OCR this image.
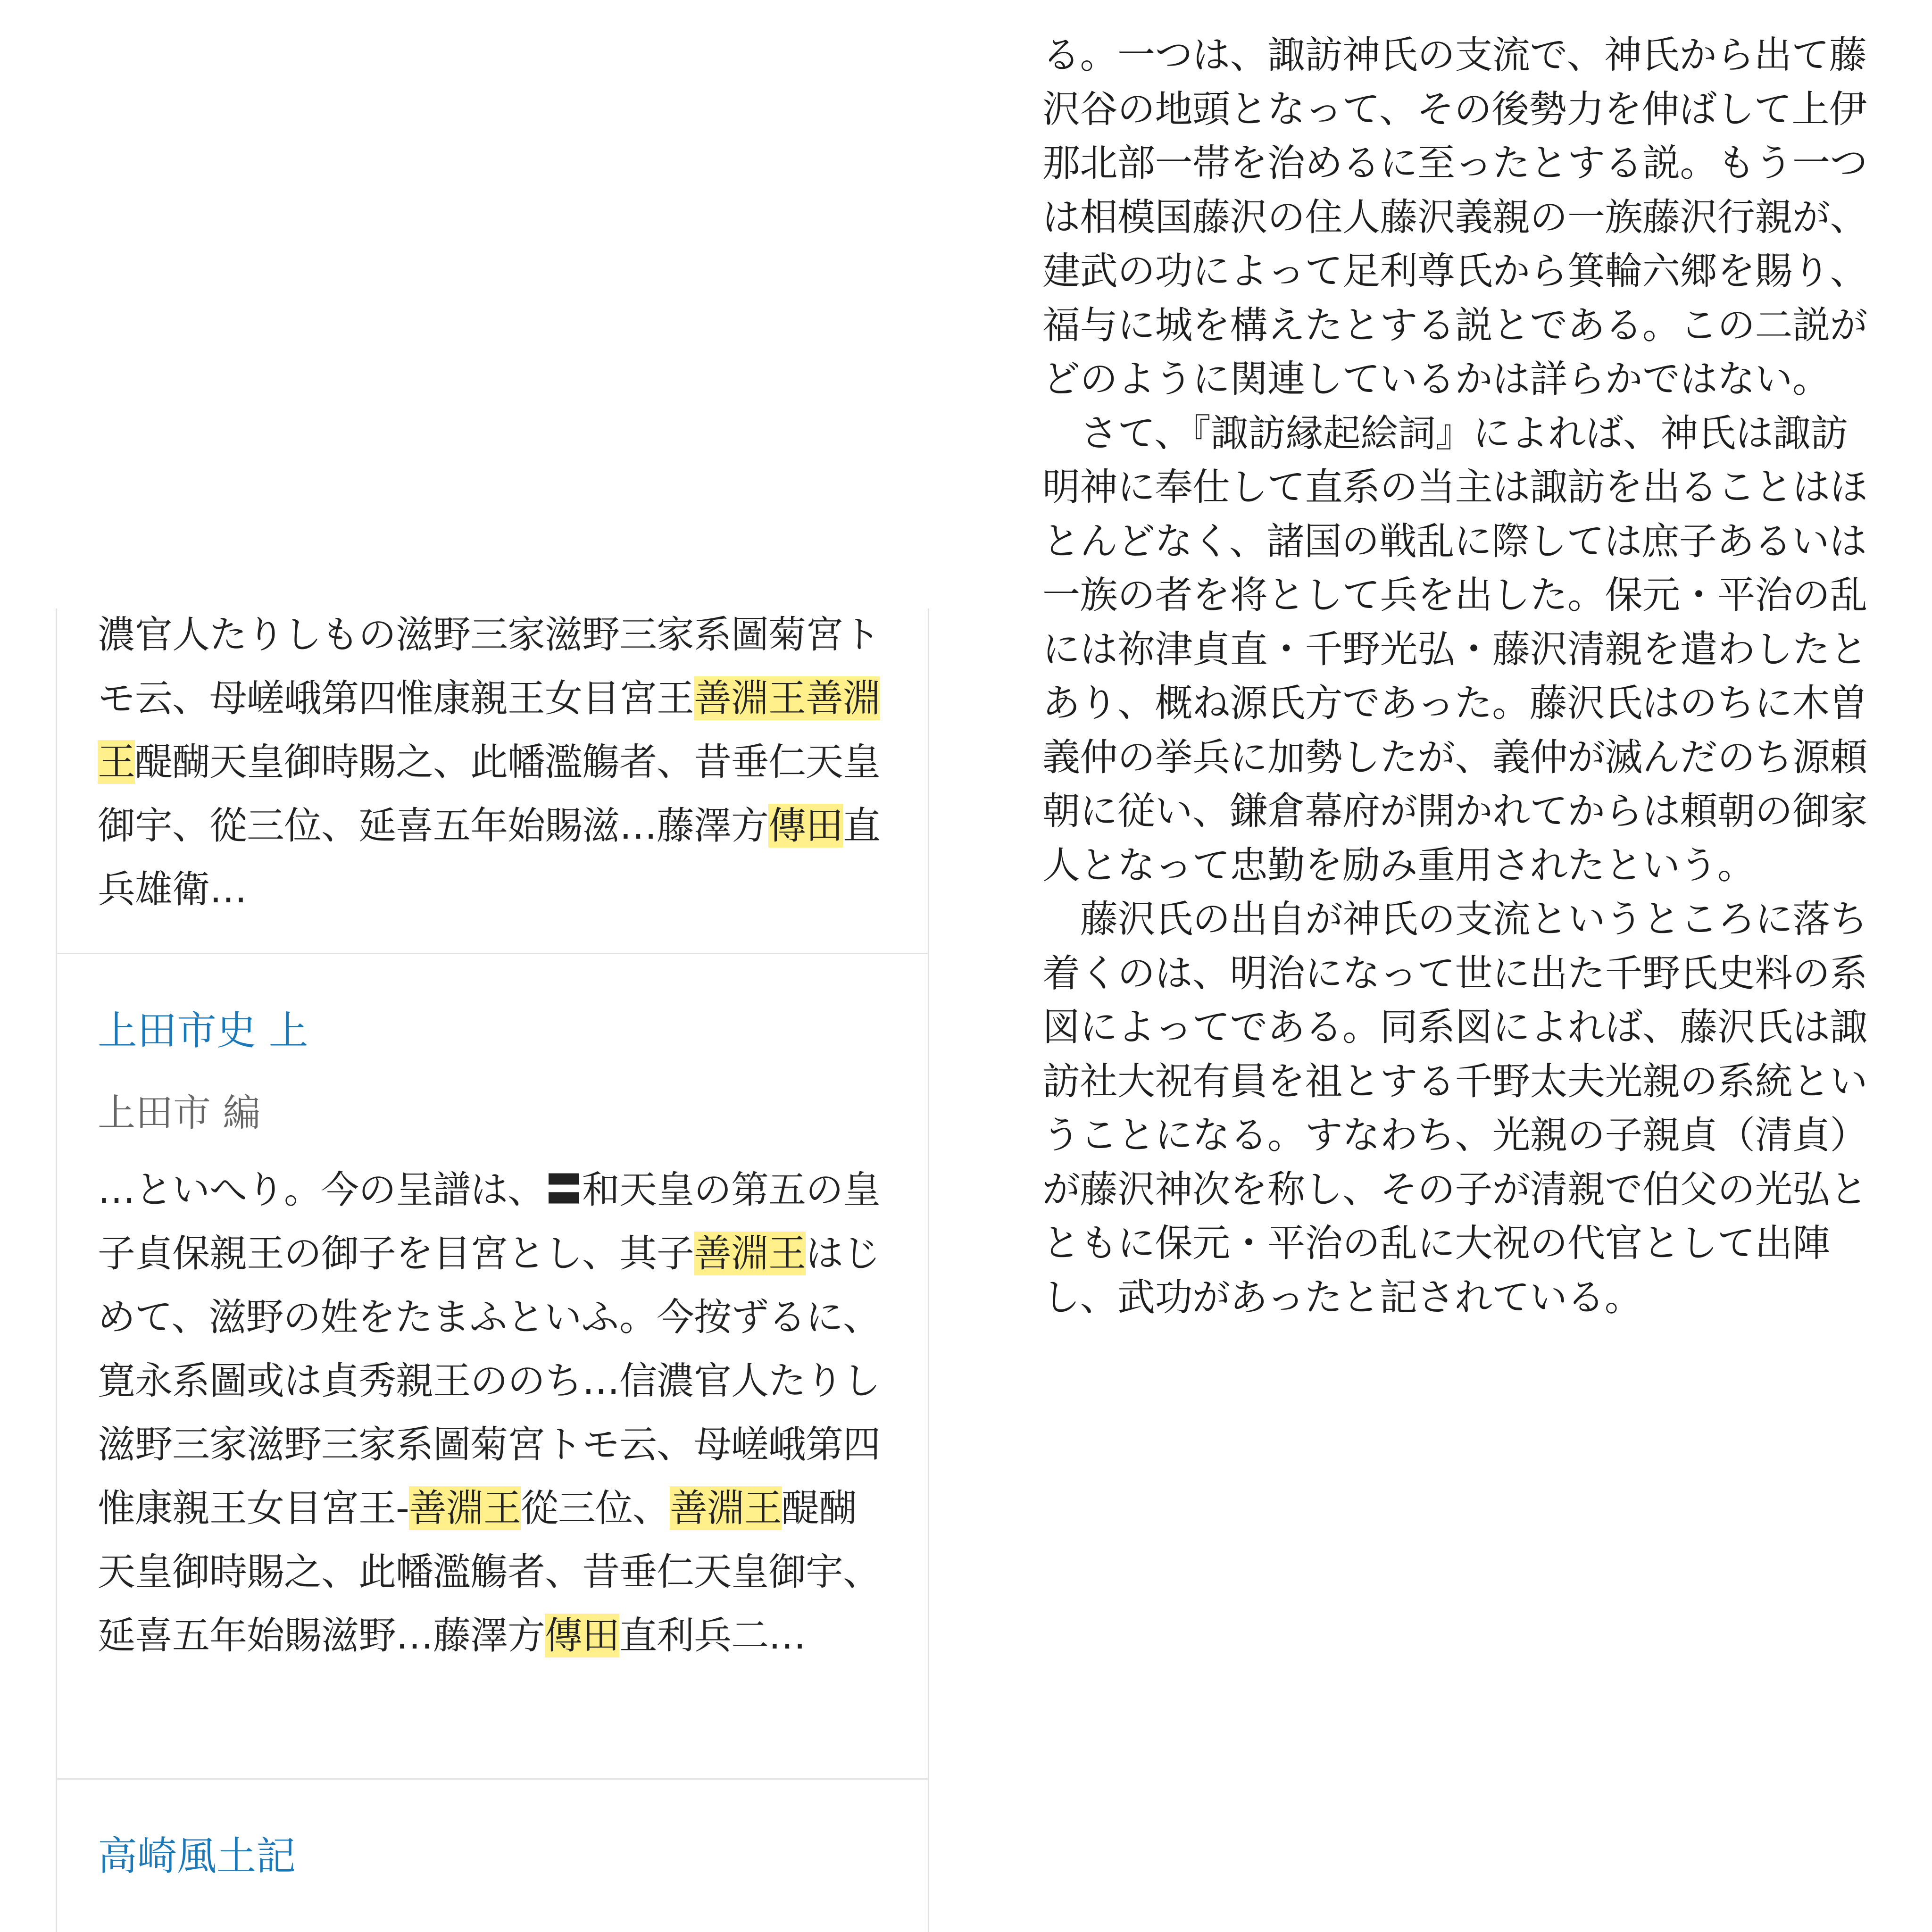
濃官人たりしもの滋野三家滋野三家系圖菊宮トモ云、母嵯峨第四惟康親王女目宮王善淵王善淵王醍醐天皇御時賜之、此幡濫觴者、昔垂仁天皇御宇、從三位、延喜五年始賜滋…藤澤方傳田直兵雄衛…

上田市史 上

上田市 編

…といへり。今の呈譜は、〓和天皇の第五の皇子貞保親王の御子を目宮とし、其子善淵王はじめて、滋野の姓をたまふといふ。今按ずるに、寛永系圖或は貞秀親王ののち…信濃官人たりし滋野三家滋野三家系圖菊宮トモ云、母嵯峨第四惟康親王女目宮王-善淵王從三位、善淵王醍醐天皇御時賜之、此幡濫觴者、昔垂仁天皇御宇、延喜五年始賜滋野…藤澤方傳田直利兵二…

高崎風土記

る。一つは、諏訪神氏の支流で、神氏から出て藤沢谷の地頭となって、その後勢力を伸ばして上伊那北部一帯を治めるに至ったとする説。もう一つは相模国藤沢の住人藤沢義親の一族藤沢行親が、建武の功によって足利尊氏から箕輪六郷を賜り、福与に城を構えたとする説とである。この二説がどのように関連しているかは詳らかではない。

さて、『諏訪縁起絵詞』によれば、神氏は諏訪明神に奉仕して直系の当主は諏訪を出ることはほとんどなく、諸国の戦乱に際しては庶子あるいは一族の者を将として兵を出した。保元・平治の乱には祢津貞直・千野光弘・藤沢清親を遣わしたとあり、概ね源氏方であった。藤沢氏はのちに木曽義仲の挙兵に加勢したが、義仲が滅んだのち源頼朝に従い、鎌倉幕府が開かれてからは頼朝の御家人となって忠勤を励み重用されたという。

藤沢氏の出自が神氏の支流というところに落ち着くのは、明治になって世に出た千野氏史料の系図によってである。同系図によれば、藤沢氏は諏訪社大祝有員を祖とする千野太夫光親の系統ということになる。すなわち、光親の子親貞（清貞）が藤沢神次を称し、その子が清親で伯父の光弘とともに保元・平治の乱に大祝の代官として出陣し、武功があったと記されている。
